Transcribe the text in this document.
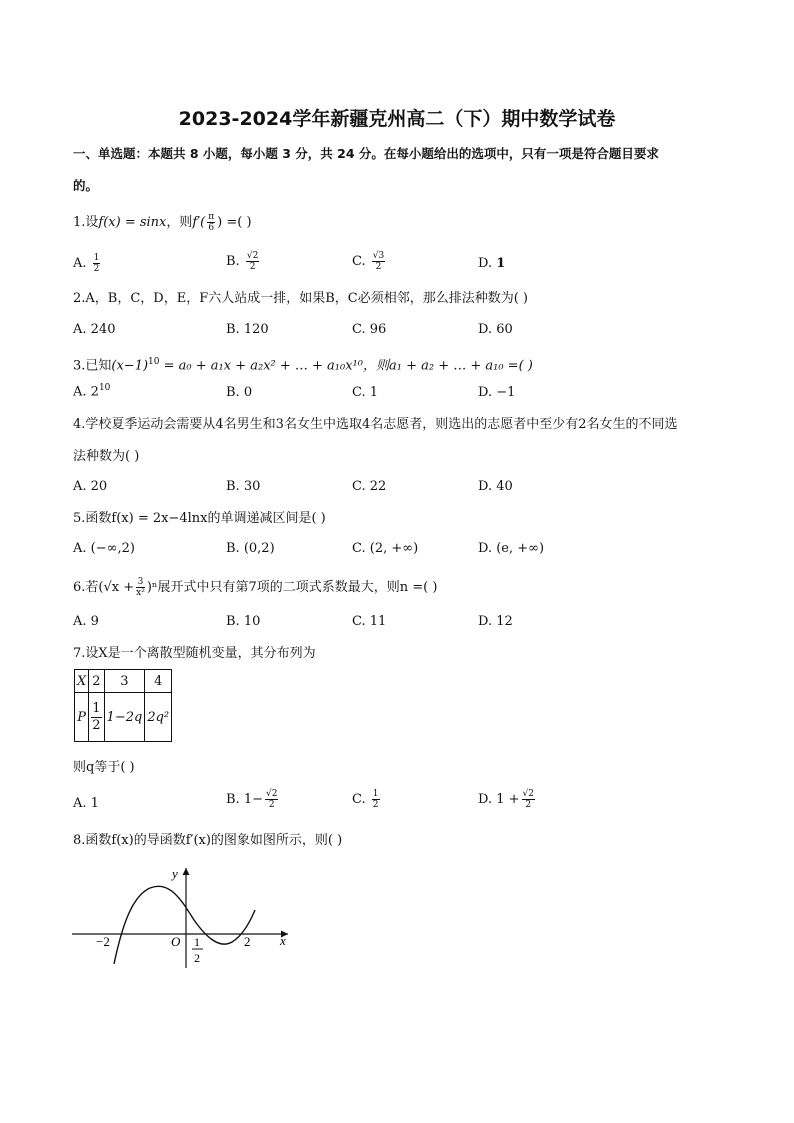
2023-2024学年新疆克州高二（下）期中数学试卷
一、单选题：本题共 8 小题，每小题 3 分，共 24 分。在每小题给出的选项中，只有一项是符合题目要求
的。
1.设f(x) = sinx，则$f'( \frac{\pi}{6}$ ) =( )
A. $\frac{1}{2}$	B. $\frac{√2}{2}$	C. $\frac{√3}{2}$	D. 1
2.A，B，C，D，E，F六人站成一排，如果B，C必须相邻，那么排法种数为( )
A. 240	B. 120	C. 96	D. 60
3.已知$(x-1)^{10} = a_0 + a_1x + a_2x^2$ + … + a₁₀x¹⁰，则a₁ + a₂ + … + a₁₀ =( )
A. $2^{10}$	B. 0	C. 1	D. −1
4.学校夏季运动会需要从4名男生和3名女生中选取4名志愿者，则选出的志愿者中至少有2名女生的不同选
法种数为( )
A. 20	B. 30	C. 22	D. 40
5.函数f(x) = 2x−4lnx的单调递减区间是( )
A. (−∞,2)	B. (0,2)	C. (2, +∞)	D. (e, +∞)
6.若$(√x + \frac{3}{\text{x²}} )^n$展开式中只有第7项的二项式系数最大，则n =( )
A. 9	B. 10	C. 11	D. 12
7.设X是一个离散型随机变量，其分布列为
X	2	3	4
P	$\frac{1}{2}$	1−2q	2q²
则q等于( )
A. 1	B. $1- \frac{√2}{2}$	C. $\frac{1}{2}$	D. $1 + \frac{√2}{2}$
8.函数f(x)的导函数f′(x)的图象如图所示，则( )
y
x
O
−2	1
2
2
